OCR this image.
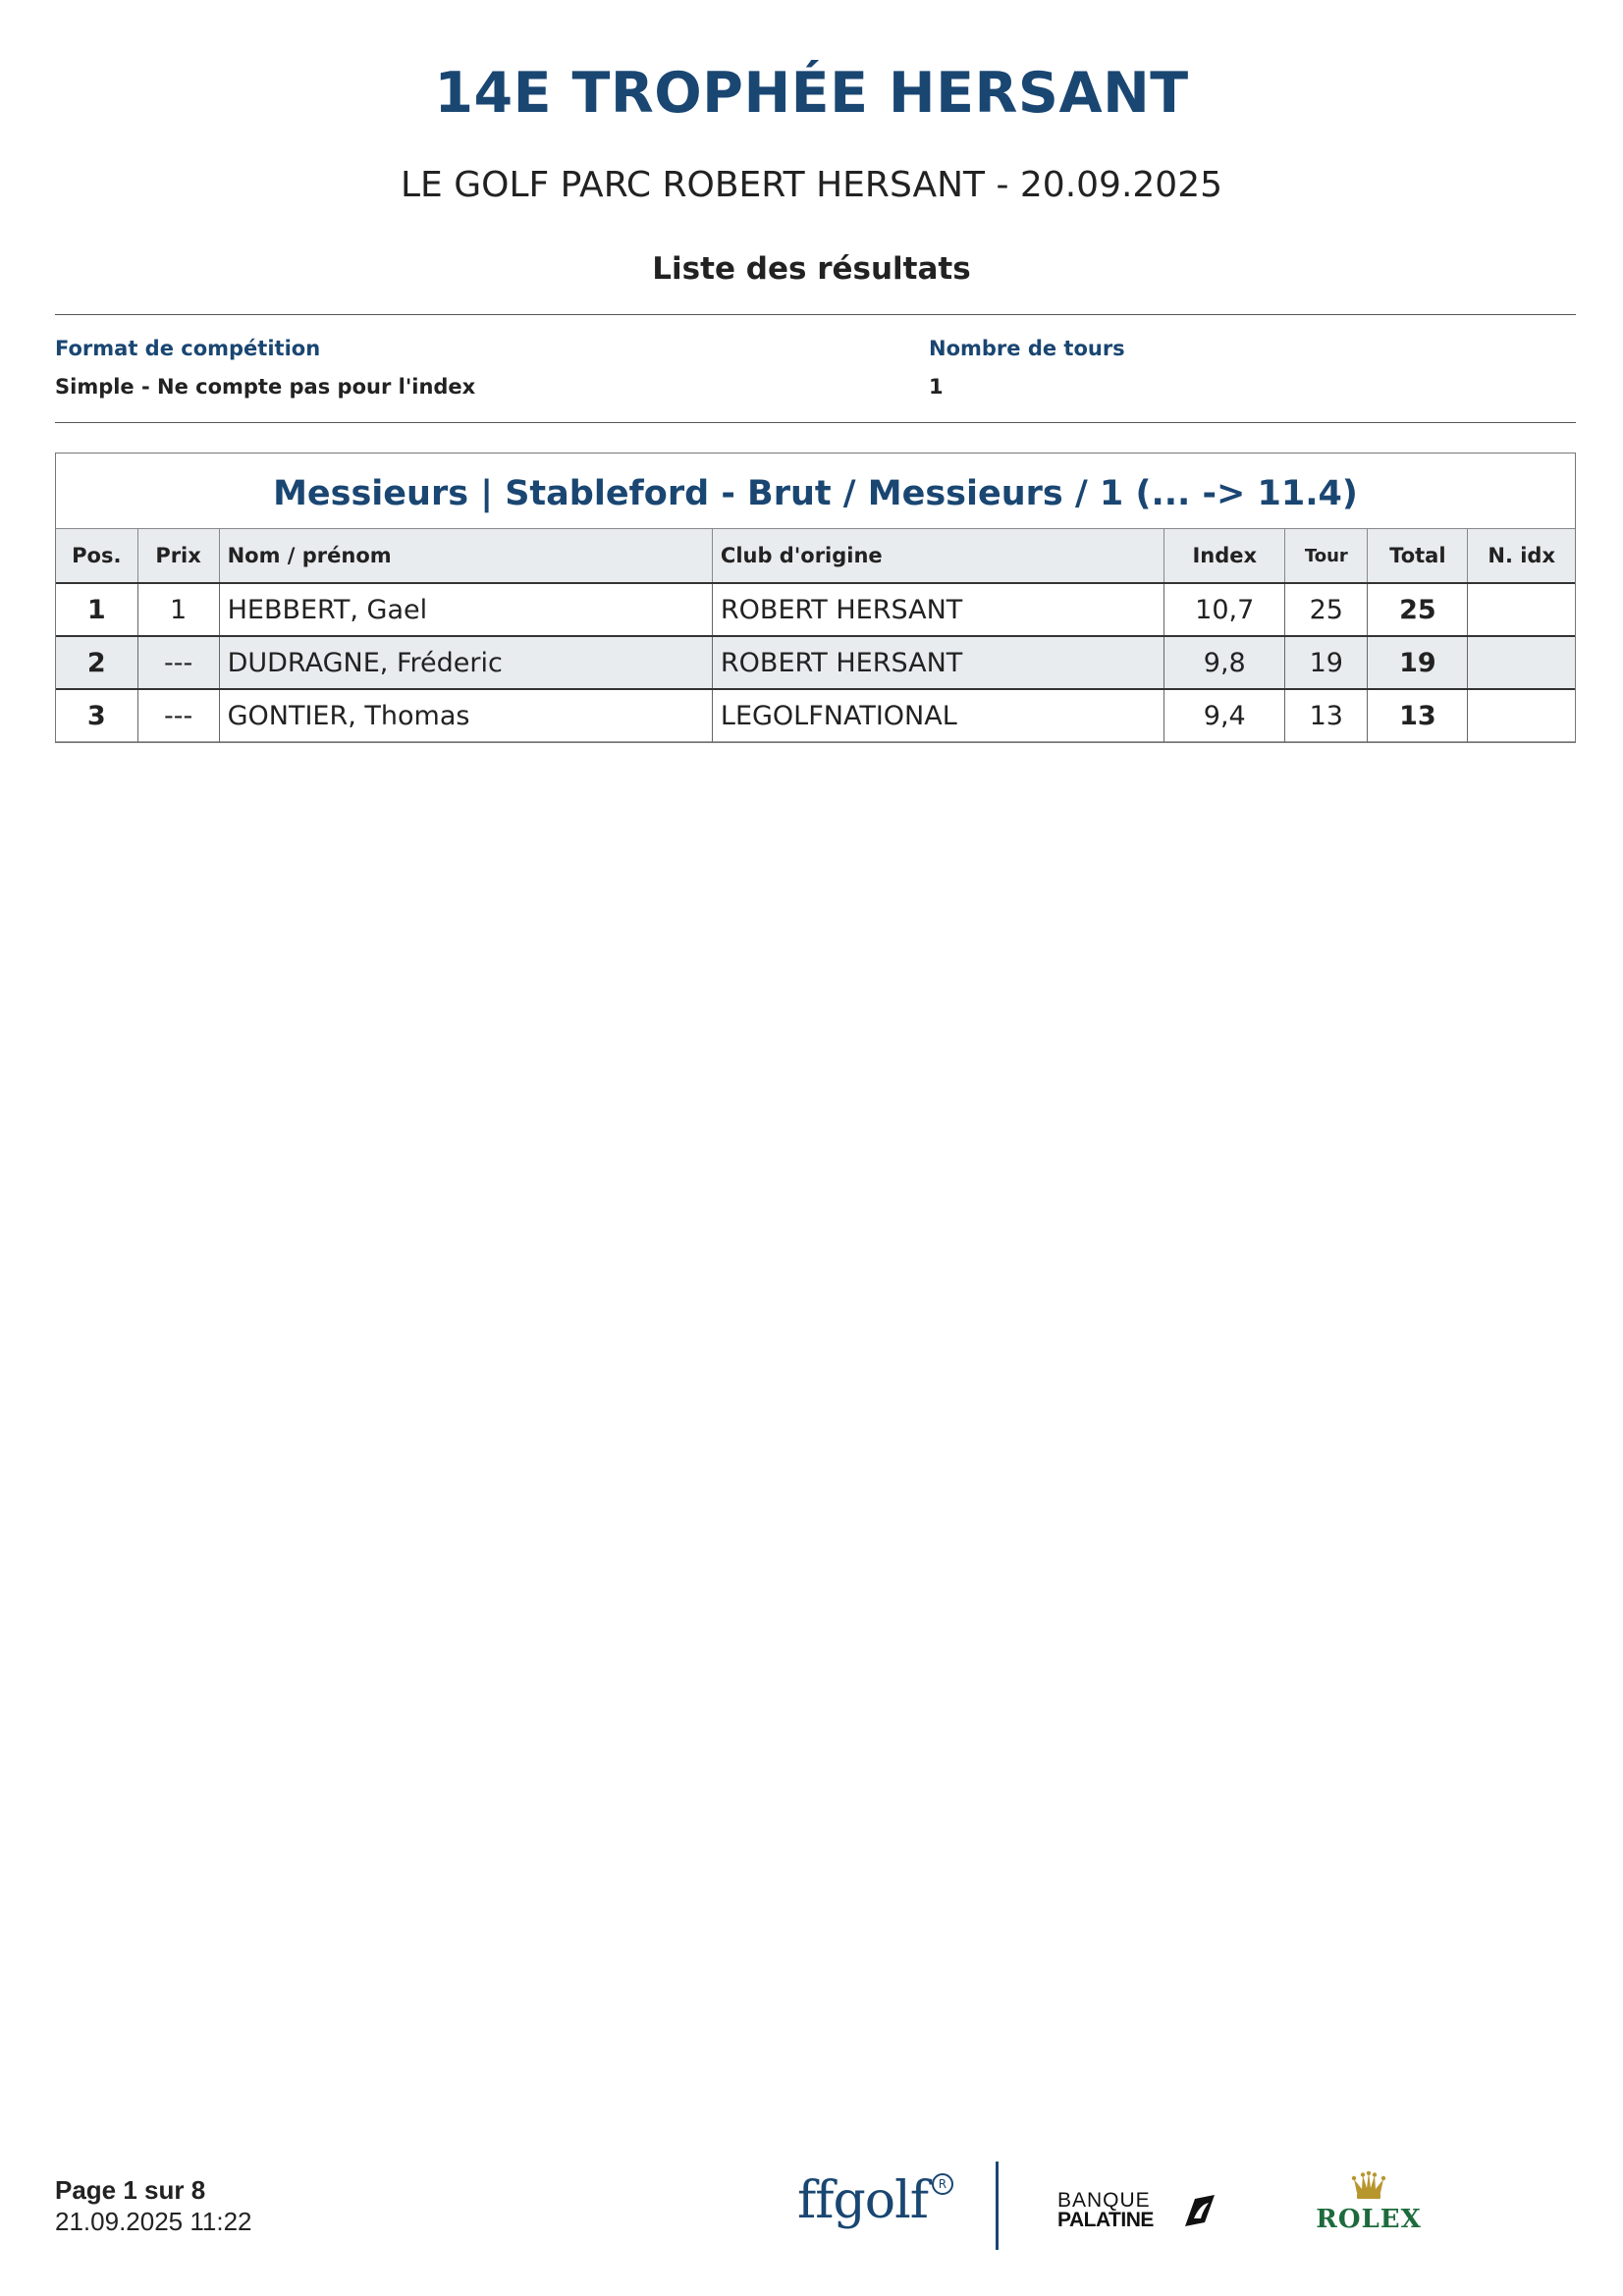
14E TROPHÉE HERSANT
LE GOLF PARC ROBERT HERSANT - 20.09.2025
Liste des résultats
Format de compétition
Simple - Ne compte pas pour l'index
Nombre de tours
1
Messieurs | Stableford - Brut / Messieurs / 1 (... -> 11.4)
Pos.	Prix	Nom / prénom	Club d'origine	Index	Tour	Total	N. idx
1	1	HEBBERT, Gael	ROBERT HERSANT	10,7	25	25	
2	---	DUDRAGNE, Fréderic	ROBERT HERSANT	9,8	19	19	
3	---	GONTIER, Thomas	LEGOLFNATIONAL	9,4	13	13	
Page 1 sur 8
21.09.2025 11:22	ffgolf R
BANQUE
PALATINE	ROLEX
